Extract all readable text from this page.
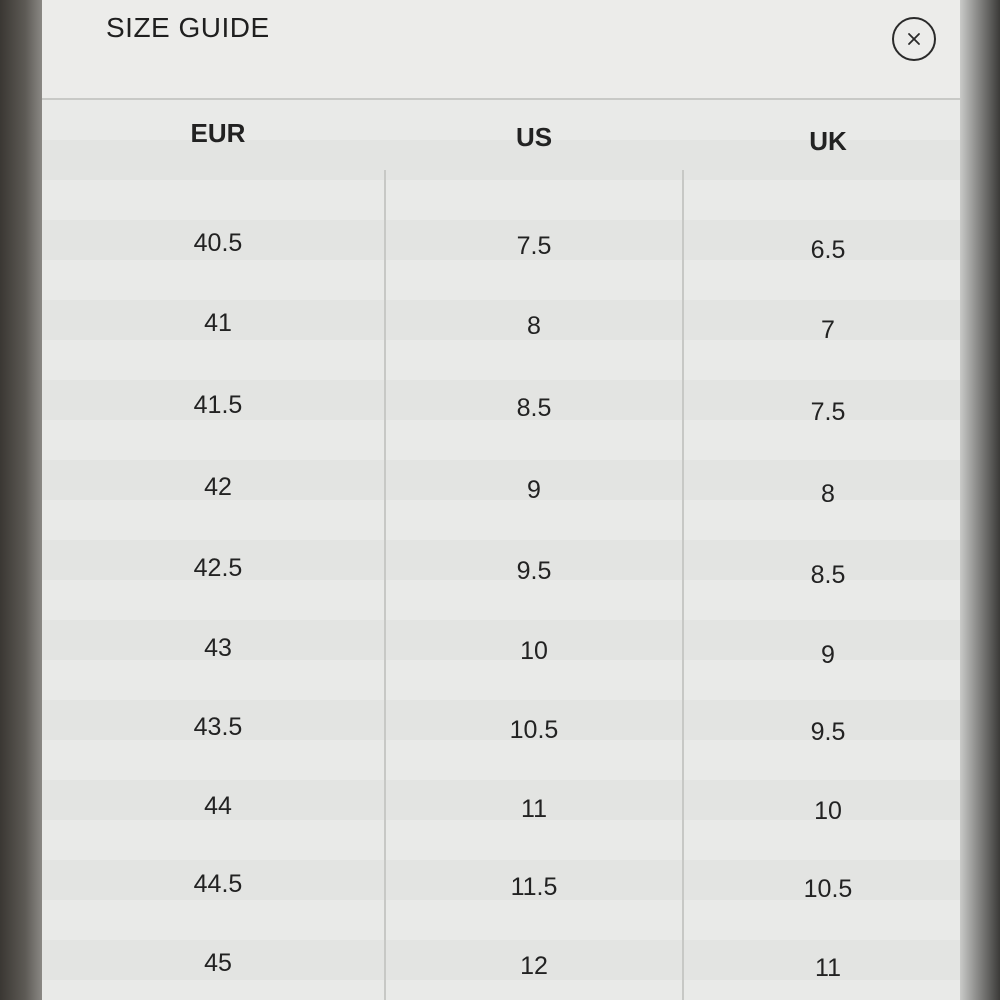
SIZE GUIDE
EUR	US	UK
40.5	7.5	6.5
41	8	7
41.5	8.5	7.5
42	9	8
42.5	9.5	8.5
43	10	9
43.5	10.5	9.5
44	11	10
44.5	11.5	10.5
45	12	11
